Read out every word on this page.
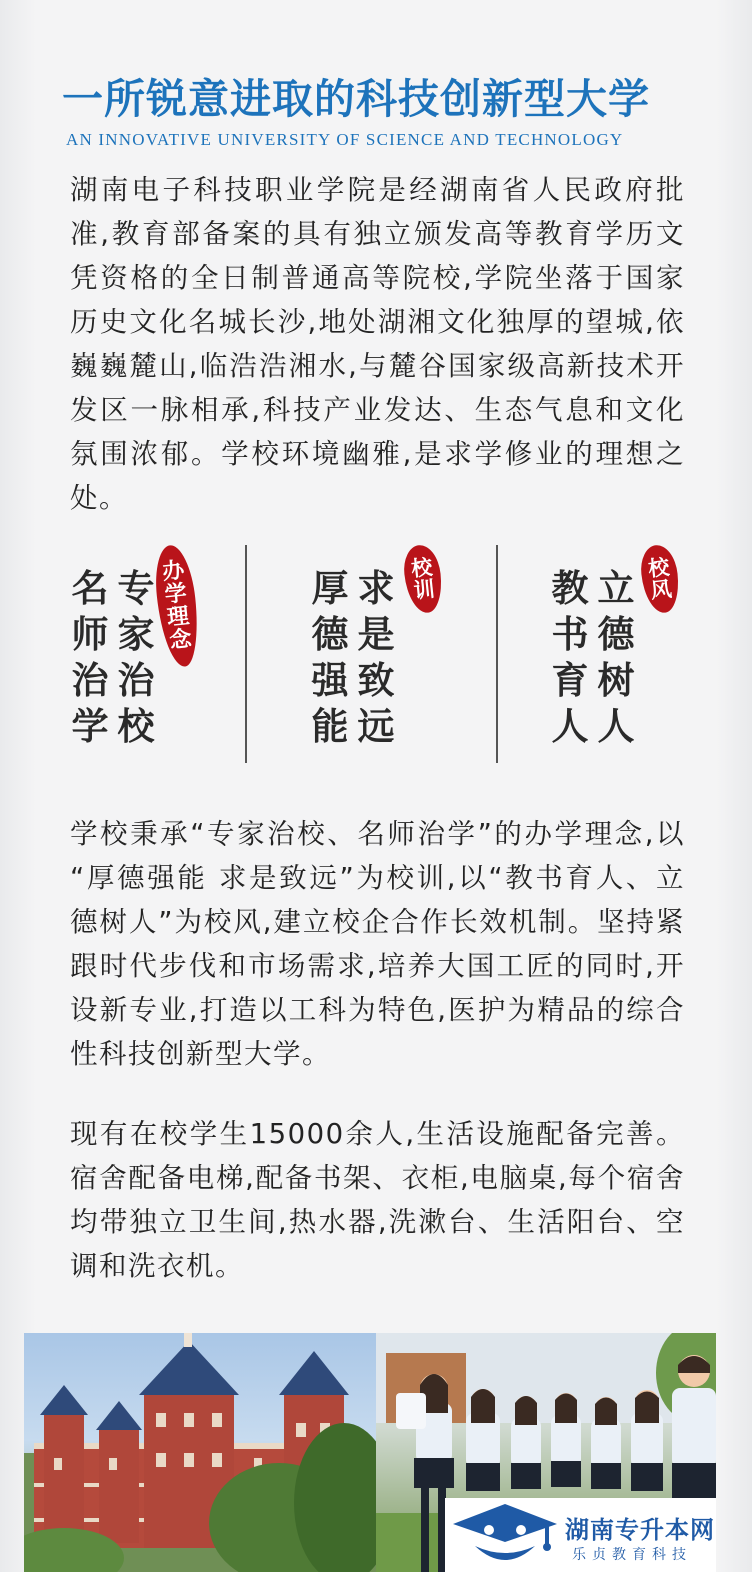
一所锐意进取的科技创新型大学
AN INNOVATIVE UNIVERSITY OF SCIENCE AND TECHNOLOGY

湖南电子科技职业学院是经湖南省人民政府批准,教育部备案的具有独立颁发高等教育学历文凭资格的全日制普通高等院校,学院坐落于国家历史文化名城长沙,地处湖湘文化独厚的望城,依巍巍麓山,临浩浩湘水,与麓谷国家级高新技术开发区一脉相承,科技产业发达、生态气息和文化氛围浓郁。学校环境幽雅,是求学修业的理想之处。

名
师
治
学
专
家
治
校
办
学
理
念
厚
德
强
能
求
是
致
远
校
训	教
书
育
人
立
德
树
人
校
风

学校秉承“专家治校、名师治学”的办学理念,以 “厚德强能 求是致远”为校训,以“教书育人、立德树人”为校风,建立校企合作长效机制。坚持紧跟时代步伐和市场需求,培养大国工匠的同时,开设新专业,打造以工科为特色,医护为精品的综合性科技创新型大学。

现有在校学生15000余人,生活设施配备完善。宿舍配备电梯,配备书架、衣柜,电脑桌,每个宿舍均带独立卫生间,热水器,洗漱台、生活阳台、空调和洗衣机。

湖南专升本网
乐贞教育科技
